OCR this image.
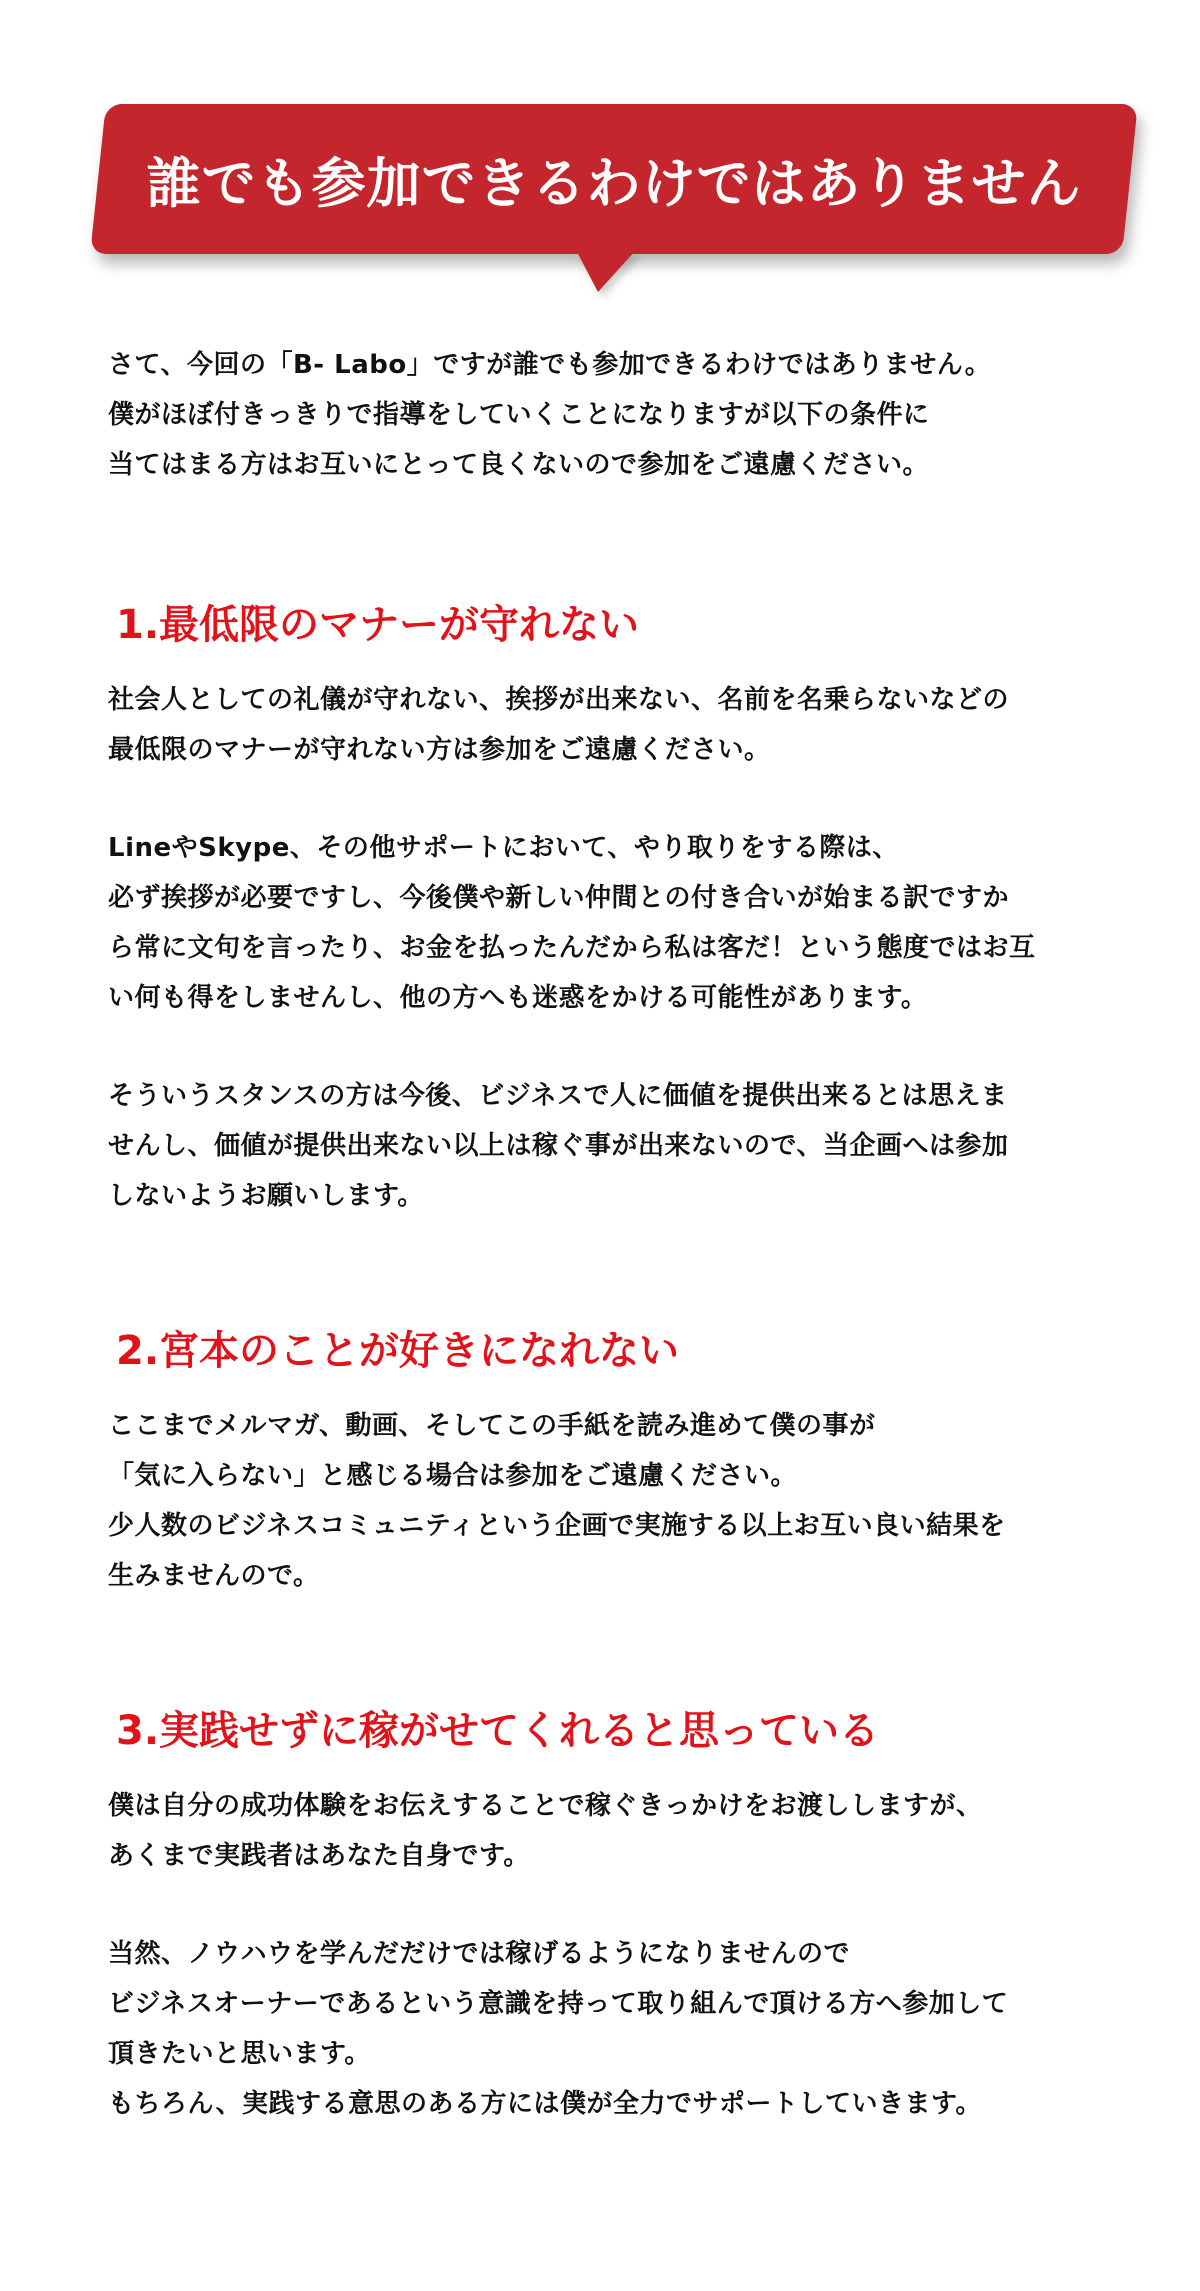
誰でも参加できるわけではありません

さて、今回の「B- Labo」ですが誰でも参加できるわけではありません。
僕がほぼ付きっきりで指導をしていくことになりますが以下の条件に
当てはまる方はお互いにとって良くないので参加をご遠慮ください。

1.最低限のマナーが守れない

社会人としての礼儀が守れない、挨拶が出来ない、名前を名乗らないなどの
最低限のマナーが守れない方は参加をご遠慮ください。

LineやSkype、その他サポートにおいて、やり取りをする際は、
必ず挨拶が必要ですし、今後僕や新しい仲間との付き合いが始まる訳ですか
ら常に文句を言ったり、お金を払ったんだから私は客だ！という態度ではお互
い何も得をしませんし、他の方へも迷惑をかける可能性があります。

そういうスタンスの方は今後、ビジネスで人に価値を提供出来るとは思えま
せんし、価値が提供出来ない以上は稼ぐ事が出来ないので、当企画へは参加
しないようお願いします。

2.宮本のことが好きになれない

ここまでメルマガ、動画、そしてこの手紙を読み進めて僕の事が
「気に入らない」と感じる場合は参加をご遠慮ください。
少人数のビジネスコミュニティという企画で実施する以上お互い良い結果を
生みませんので。

3.実践せずに稼がせてくれると思っている

僕は自分の成功体験をお伝えすることで稼ぐきっかけをお渡ししますが、
あくまで実践者はあなた自身です。

当然、ノウハウを学んだだけでは稼げるようになりませんので
ビジネスオーナーであるという意識を持って取り組んで頂ける方へ参加して
頂きたいと思います。
もちろん、実践する意思のある方には僕が全力でサポートしていきます。
